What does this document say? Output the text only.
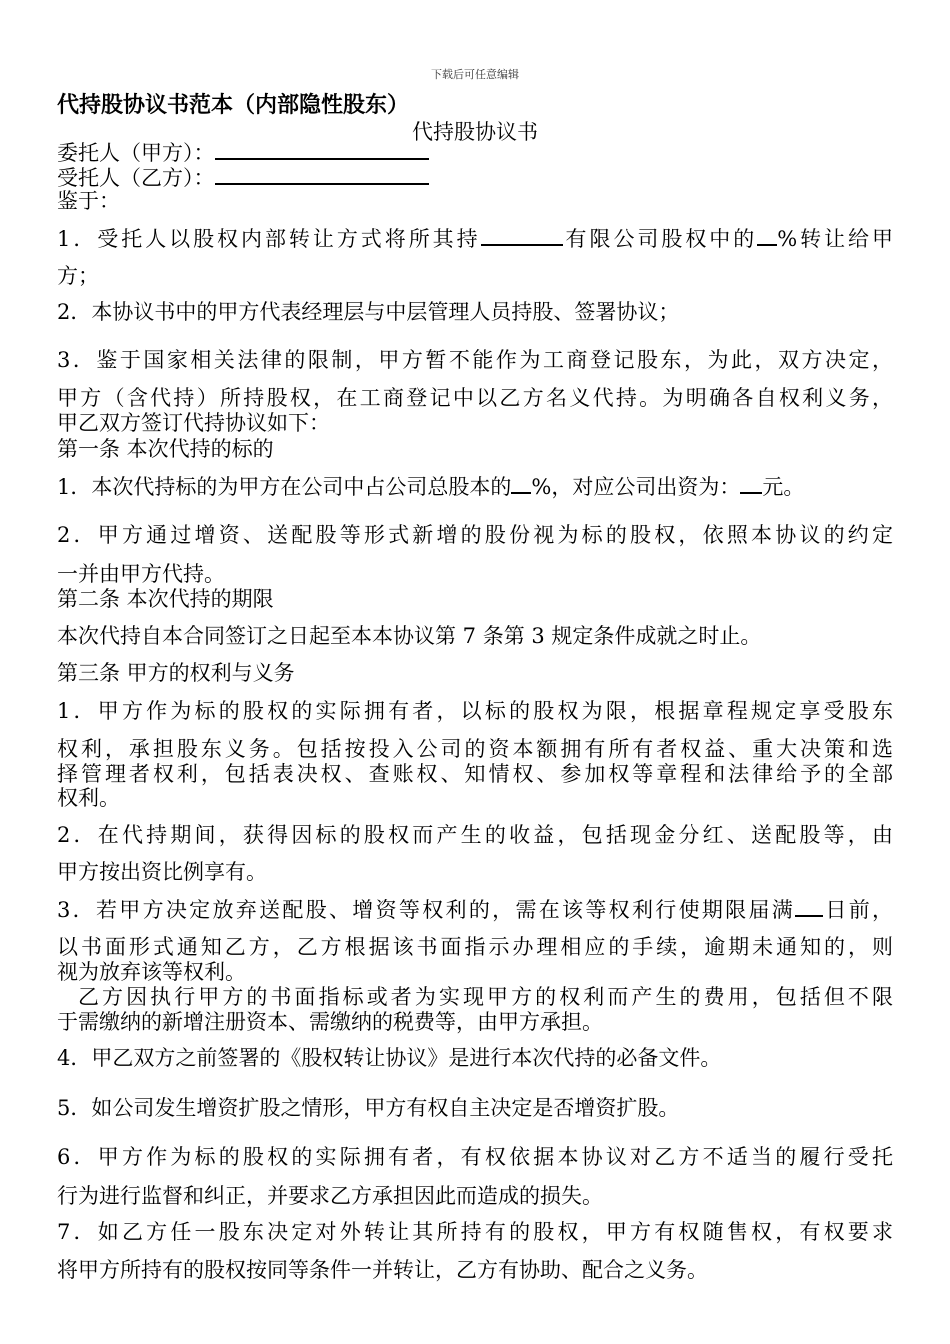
下载后可任意编辑
代持股协议书范本（内部隐性股东）
代持股协议书
委托人（甲方）：
受托人（乙方）：
鉴于：
1．受托人以股权内部转让方式将所其持	有限公司股权中的 %转让给甲
方；
2．本协议书中的甲方代表经理层与中层管理人员持股、签署协议；
3．鉴于国家相关法律的限制，甲方暂不能作为工商登记股东，为此，双方决定，
甲方（含代持）所持股权，在工商登记中以乙方名义代持。为明确各自权利义务，
甲乙双方签订代持协议如下：
第一条 本次代持的标的
1．本次代持标的为甲方在公司中占公司总股本的 %，对应公司出资为： 元。
2．甲方通过增资、送配股等形式新增的股份视为标的股权，依照本协议的约定
一并由甲方代持。
第二条 本次代持的期限
本次代持自本合同签订之日起至本本协议第 7 条第 3 规定条件成就之时止。
第三条 甲方的权利与义务
1．甲方作为标的股权的实际拥有者，以标的股权为限，根据章程规定享受股东
权利，承担股东义务。包括按投入公司的资本额拥有所有者权益、重大决策和选
择管理者权利，包括表决权、查账权、知情权、参加权等章程和法律给予的全部
权利。
2．在代持期间，获得因标的股权而产生的收益，包括现金分红、送配股等，由
甲方按出资比例享有。
3．若甲方决定放弃送配股、增资等权利的，需在该等权利行使期限届满 日前，
以书面形式通知乙方，乙方根据该书面指示办理相应的手续，逾期未通知的，则
视为放弃该等权利。
乙方因执行甲方的书面指标或者为实现甲方的权利而产生的费用，包括但不限
于需缴纳的新增注册资本、需缴纳的税费等，由甲方承担。
4．甲乙双方之前签署的《股权转让协议》是进行本次代持的必备文件。
5．如公司发生增资扩股之情形，甲方有权自主决定是否增资扩股。
6．甲方作为标的股权的实际拥有者，有权依据本协议对乙方不适当的履行受托
行为进行监督和纠正，并要求乙方承担因此而造成的损失。
7．如乙方任一股东决定对外转让其所持有的股权，甲方有权随售权，有权要求
将甲方所持有的股权按同等条件一并转让，乙方有协助、配合之义务。
